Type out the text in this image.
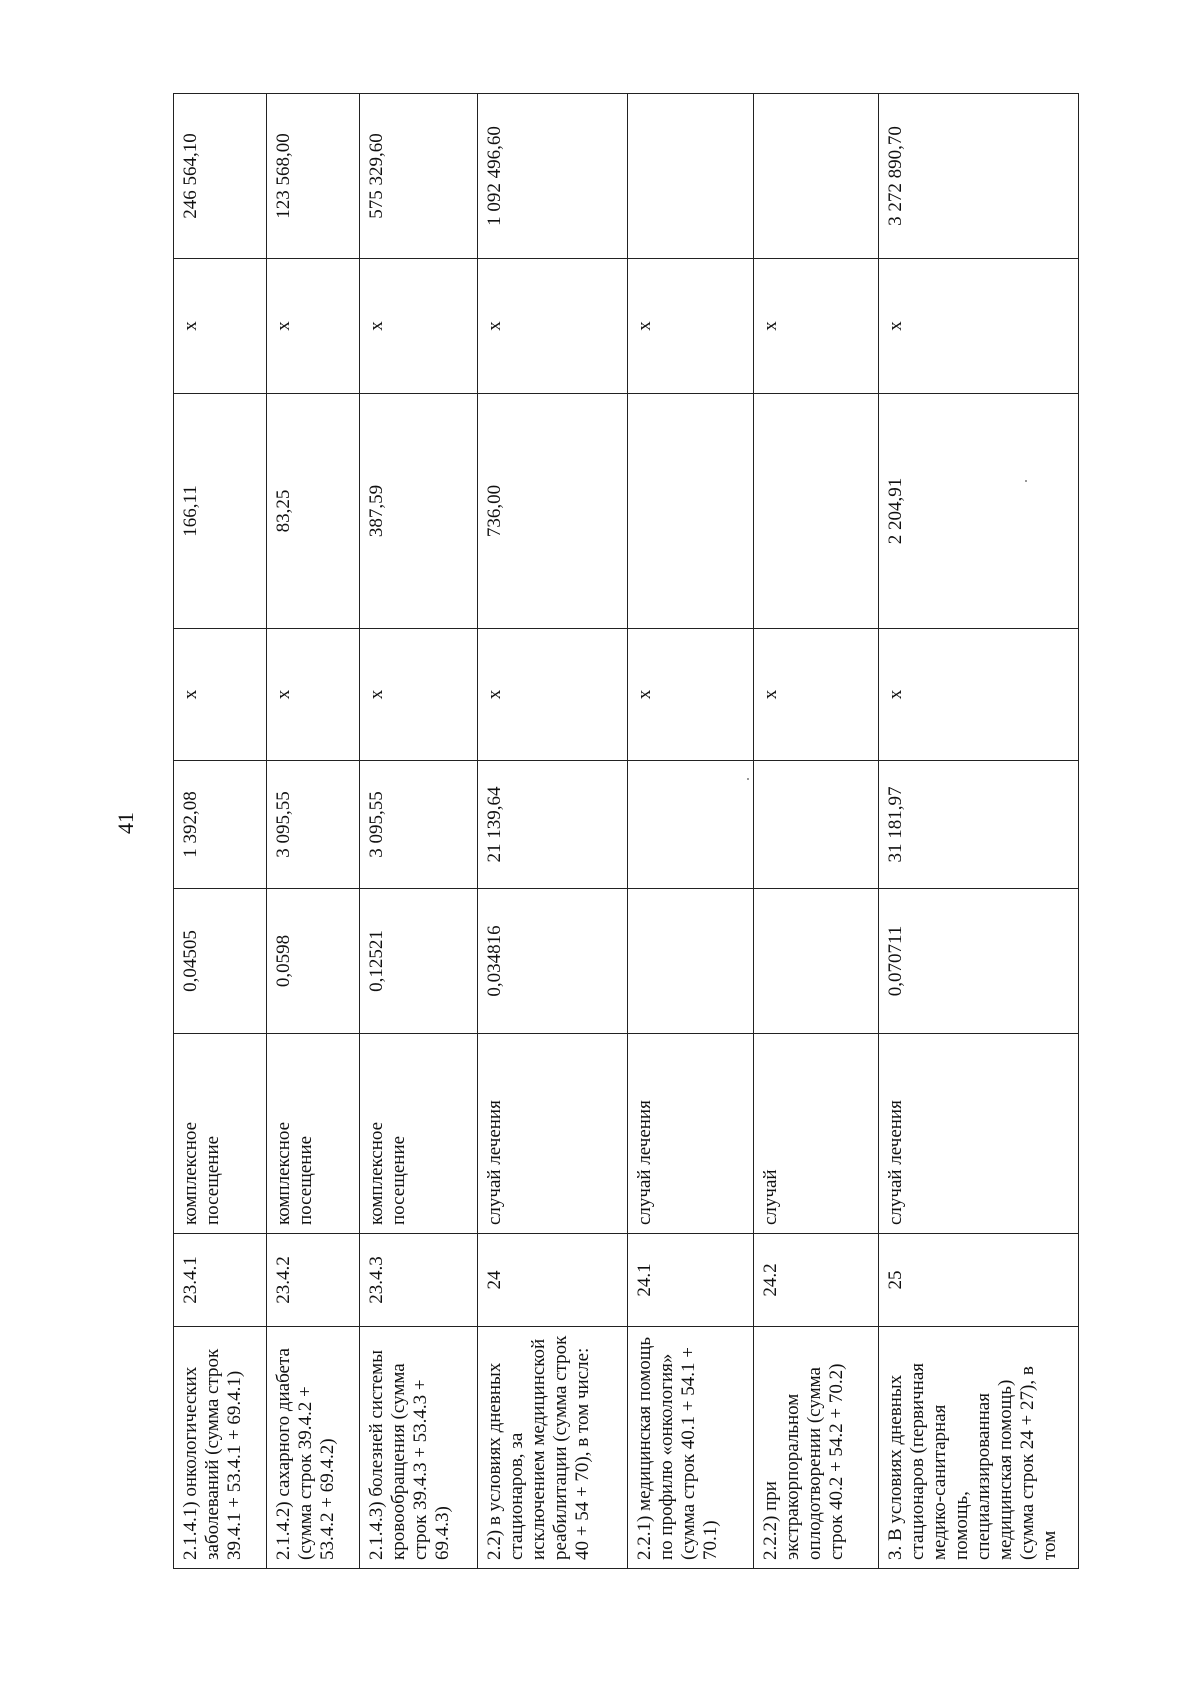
41
2.1.4.1) онкологических заболеваний (сумма строк 39.4.1 + 53.4.1 + 69.4.1)	23.4.1	комплексное посещение	0,04505	1 392,08	x	166,11	x	246 564,10	
2.1.4.2) сахарного диабета (сумма строк 39.4.2 + 53.4.2 + 69.4.2)	23.4.2	комплексное посещение	0,0598	3 095,55	x	83,25	x	123 568,00	
2.1.4.3) болезней системы кровообращения (сумма строк 39.4.3 + 53.4.3 + 69.4.3)	23.4.3	комплексное посещение	0,12521	3 095,55	x	387,59	x	575 329,60	
2.2) в условиях дневных стационаров, за исключением медицинской реабилитации (сумма строк 40 + 54 + 70), в том числе:	24	случай лечения	0,034816	21 139,64	x	736,00	x	1 092 496,60	
2.2.1) медицинская помощь по профилю «онкология» (сумма строк 40.1 + 54.1 + 70.1)	24.1	случай лечения			x		x		
2.2.2) при экстракорпоральном оплодотворении (сумма строк 40.2 + 54.2 + 70.2)	24.2	случай			x		x		
3. В условиях дневных стационаров (первичная медико-санитарная помощь, специализированная медицинская помощь) (сумма строк 24 + 27), в том	25	случай лечения	0,070711	31 181,97	x	2 204,91	x	3 272 890,70	
